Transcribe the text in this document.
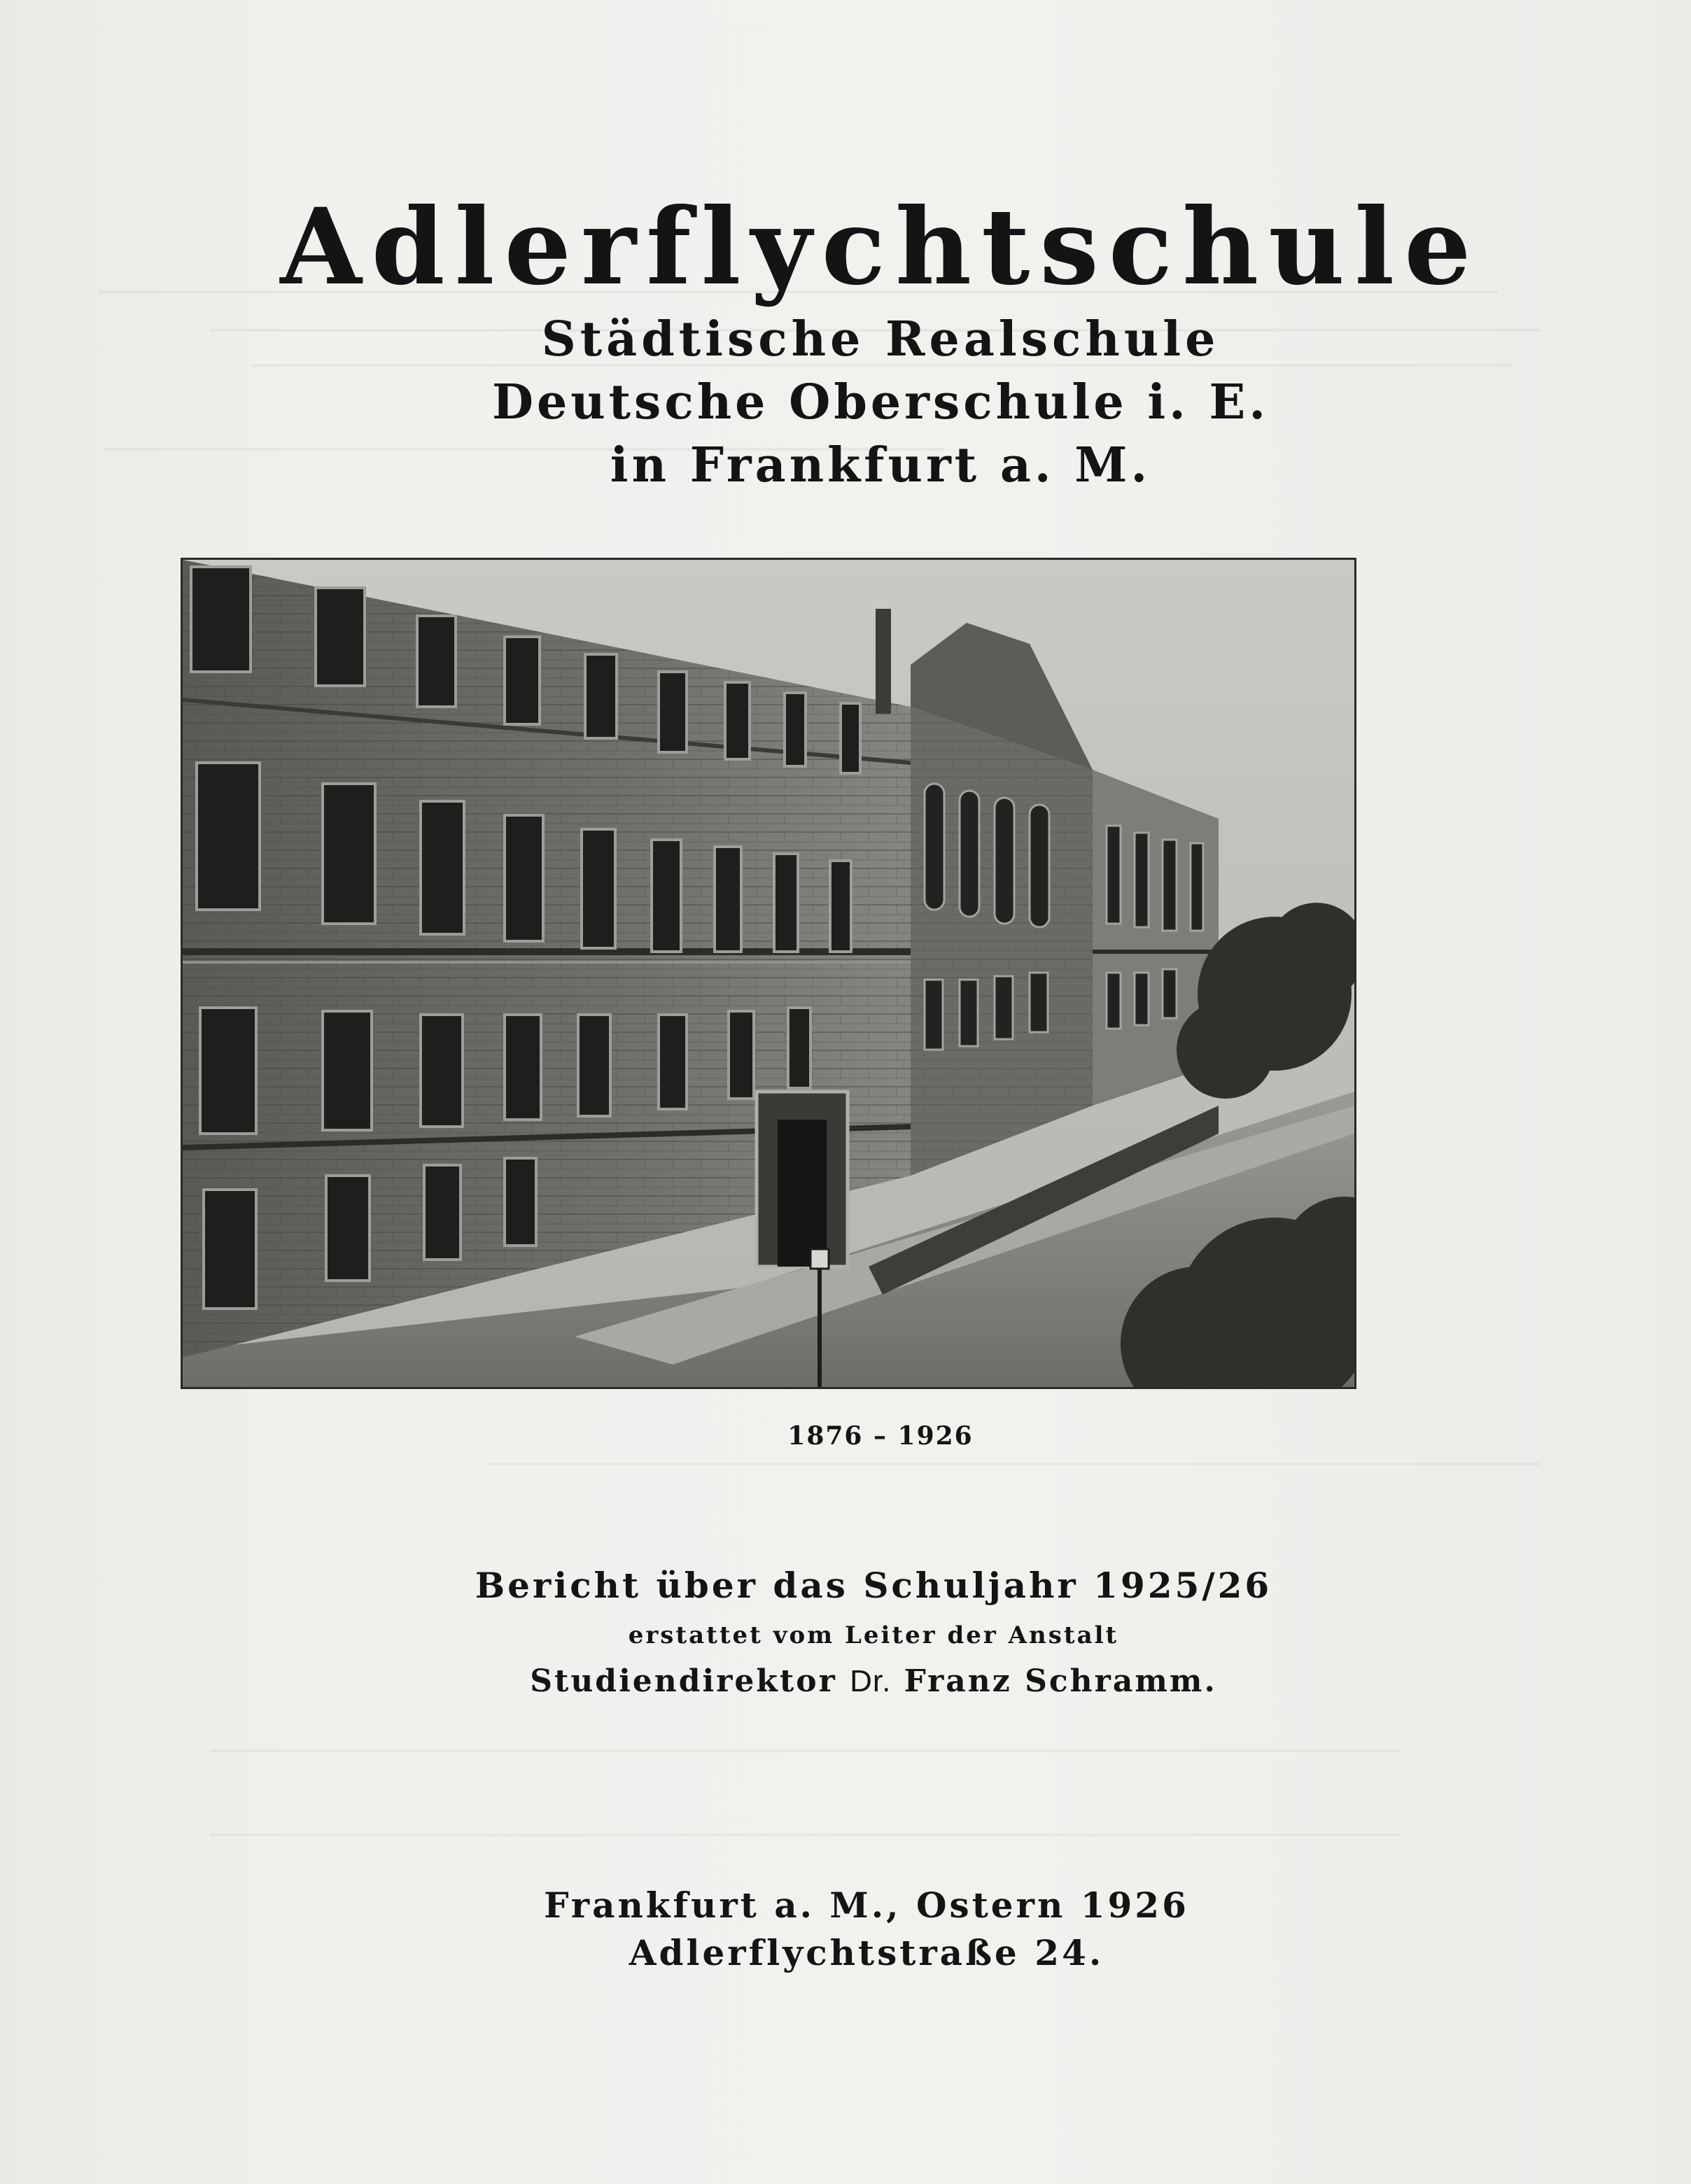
Adlerflychtschule
Städtische Realschule
Deutsche Oberschule i. E.
in Frankfurt a. M.
1876 – 1926
Bericht über das Schuljahr 1925/26
erstattet vom Leiter der Anstalt
Studiendirektor Dr. Franz Schramm.
Frankfurt a. M., Ostern 1926
Adlerflychtstraße 24.
